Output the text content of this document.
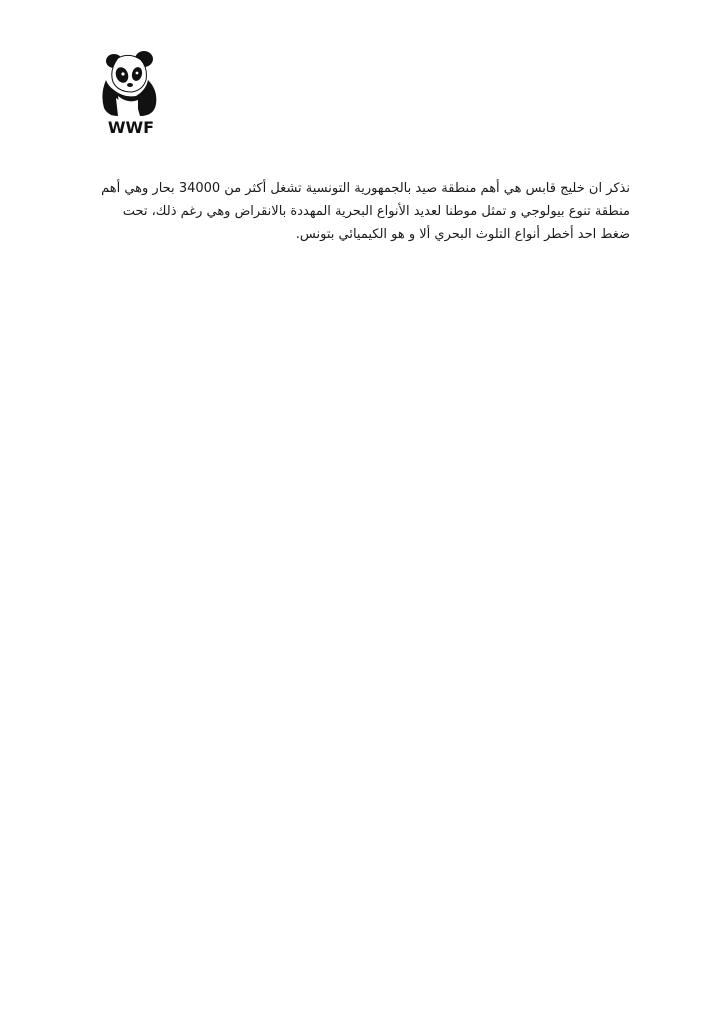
WWF

نذكر ان خليج قابس هي أهم منطقة صيد بالجمهورية التونسية تشغل أكثر من 34000 بحار وهي أهم منطقة تنوع بيولوجي و تمثل موطنا لعديد الأنواع البحرية المهددة بالانقراض وهي رغم ذلك، تحت ضغط احد أخطر أنواع التلوث البحري ألا و هو الكيميائي بتونس.
